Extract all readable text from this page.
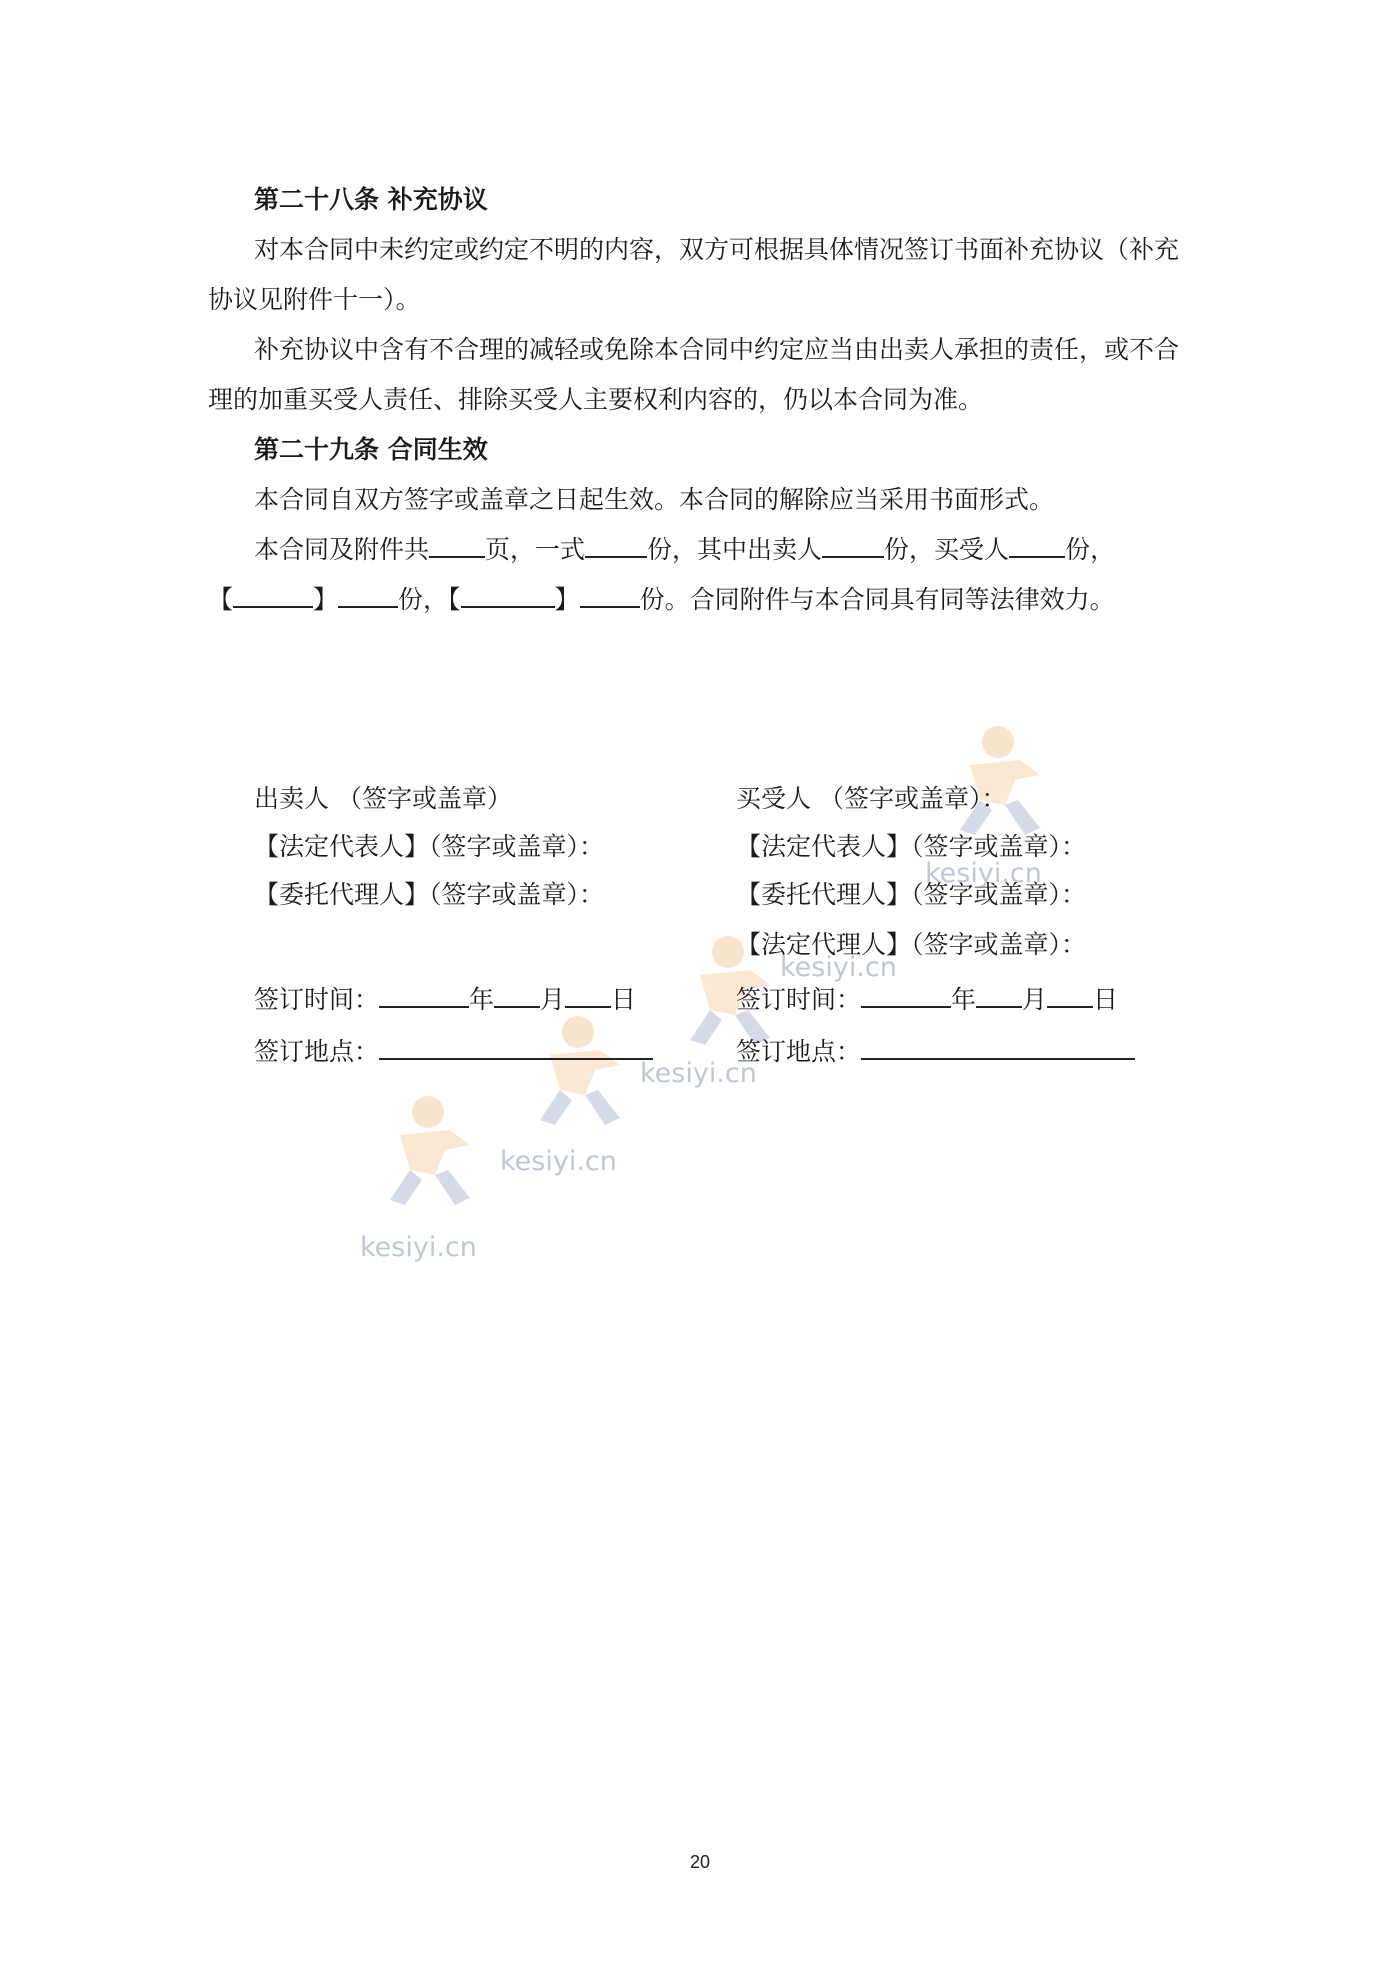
kesiyi.cn
kesiyi.cn
kesiyi.cn
kesiyi.cn
kesiyi.cn
第二十八条 补充协议
对本合同中未约定或约定不明的内容，双方可根据具体情况签订书面补充协议（补充
协议见附件十一）。
补充协议中含有不合理的减轻或免除本合同中约定应当由出卖人承担的责任，或不合
理的加重买受人责任、排除买受人主要权利内容的，仍以本合同为准。
第二十九条 合同生效
本合同自双方签字或盖章之日起生效。本合同的解除应当采用书面形式。
本合同及附件共 页，一式 份，其中出卖人 份，买受人 份，
【	】 份，【	】 份。合同附件与本合同具有同等法律效力。
出卖人 （签字或盖章）
【法定代表人】（签字或盖章）：
【委托代理人】（签字或盖章）：
签订时间：	年 月 日
签订地点：
买受人 （签字或盖章）：
【法定代表人】（签字或盖章）：
【委托代理人】（签字或盖章）：
【法定代理人】（签字或盖章）：
签订时间：	年 月 日
签订地点：
20
